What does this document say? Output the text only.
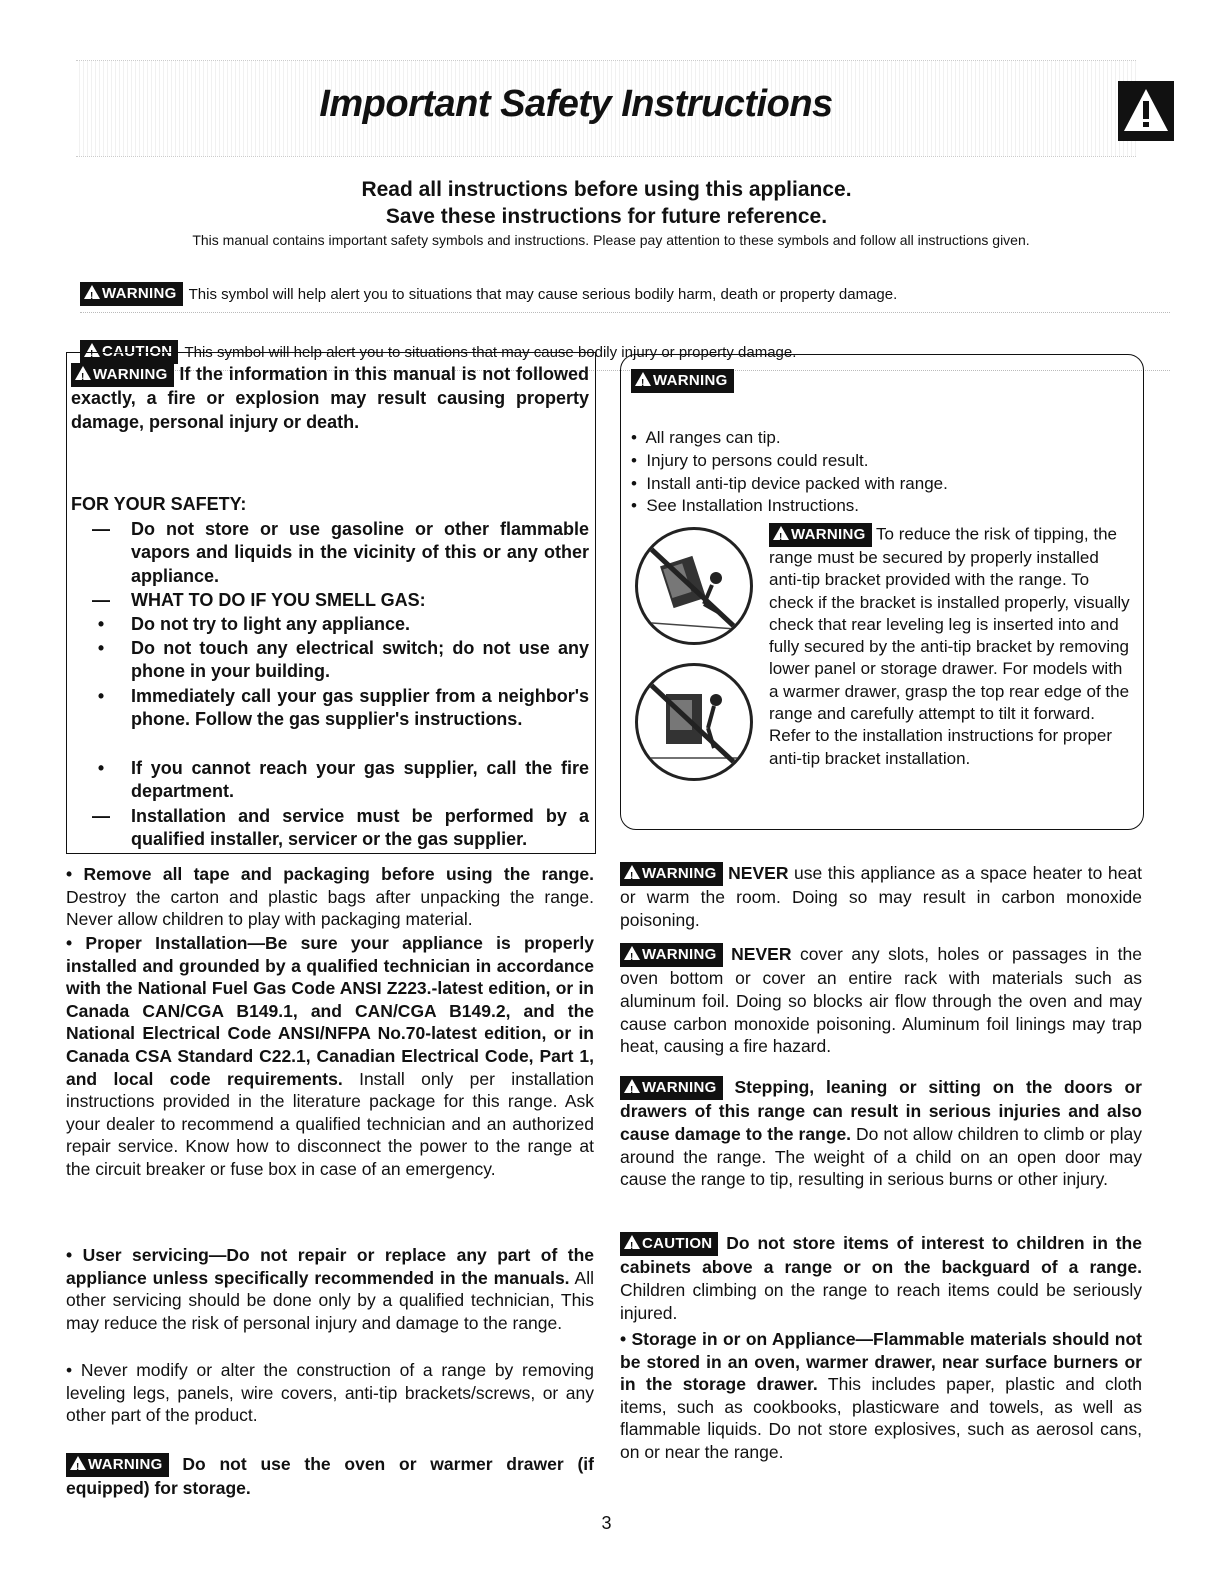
Important Safety Instructions
Read all instructions before using this appliance.
Save these instructions for future reference.
This manual contains important safety symbols and instructions. Please pay attention to these symbols and follow all instructions given.
!WARNING This symbol will help alert you to situations that may cause serious bodily harm, death or property damage.
!CAUTION This symbol will help alert you to situations that may cause bodily injury or property damage.
!WARNING If the information in this manual is not followed exactly, a fire or explosion may result causing property damage, personal injury or death.
FOR YOUR SAFETY:
—	Do not store or use gasoline or other flammable vapors and liquids in the vicinity of this or any other appliance.
—	WHAT TO DO IF YOU SMELL GAS:
•	Do not try to light any appliance.
•	Do not touch any electrical switch; do not use any phone in your building.
•	Immediately call your gas supplier from a neighbor's phone. Follow the gas supplier's instructions.
•	If you cannot reach your gas supplier, call the fire department.
—	Installation and service must be performed by a qualified installer, servicer or the gas supplier.
!WARNING
•  All ranges can tip.
•  Injury to persons could result.
•  Install anti-tip device packed with range.
•  See Installation Instructions.
!WARNING To reduce the risk of tipping, the range must be secured by properly installed anti-tip bracket provided with the range. To check if the bracket is installed properly, visually check that rear leveling leg is inserted into and fully secured by the anti-tip bracket by removing lower panel or storage drawer. For models with a warmer drawer, grasp the top rear edge of the range and carefully attempt to tilt it forward. Refer to the installation instructions for proper anti-tip bracket installation.
• Remove all tape and packaging before using the range. Destroy the carton and plastic bags after unpacking the range. Never allow children to play with packaging material.
• Proper Installation—Be sure your appliance is properly installed and grounded by a qualified technician in accordance with the National Fuel Gas Code ANSI Z223.-latest edition, or in Canada CAN/CGA B149.1, and CAN/CGA B149.2, and the National Electrical Code ANSI/NFPA No.70-latest edition, or in Canada CSA Standard C22.1, Canadian Electrical Code, Part 1, and local code requirements. Install only per installation instructions provided in the literature package for this range. Ask your dealer to recommend a qualified technician and an authorized repair service. Know how to disconnect the power to the range at the circuit breaker or fuse box in case of an emergency.
• User servicing—Do not repair or replace any part of the appliance unless specifically recommended in the manuals. All other servicing should be done only by a qualified technician, This may reduce the risk of personal injury and damage to the range.
• Never modify or alter the construction of a range by removing leveling legs, panels, wire covers, anti-tip brackets/screws, or any other part of the product.
!WARNING Do not use the oven or warmer drawer (if equipped) for storage.
!WARNING NEVER use this appliance as a space heater to heat or warm the room. Doing so may result in carbon monoxide poisoning.
!WARNING NEVER cover any slots, holes or passages in the oven bottom or cover an entire rack with materials such as aluminum foil. Doing so blocks air flow through the oven and may cause carbon monoxide poisoning. Aluminum foil linings may trap heat, causing a fire hazard.
!WARNING Stepping, leaning or sitting on the doors or drawers of this range can result in serious injuries and also cause damage to the range. Do not allow children to climb or play around the range. The weight of a child on an open door may cause the range to tip, resulting in serious burns or other injury.
!CAUTION Do not store items of interest to children in the cabinets above a range or on the backguard of a range. Children climbing on the range to reach items could be seriously injured.
• Storage in or on Appliance—Flammable materials should not be stored in an oven, warmer drawer, near surface burners or in the storage drawer. This includes paper, plastic and cloth items, such as cookbooks, plasticware and towels, as well as flammable liquids. Do not store explosives, such as aerosol cans, on or near the range.
3
